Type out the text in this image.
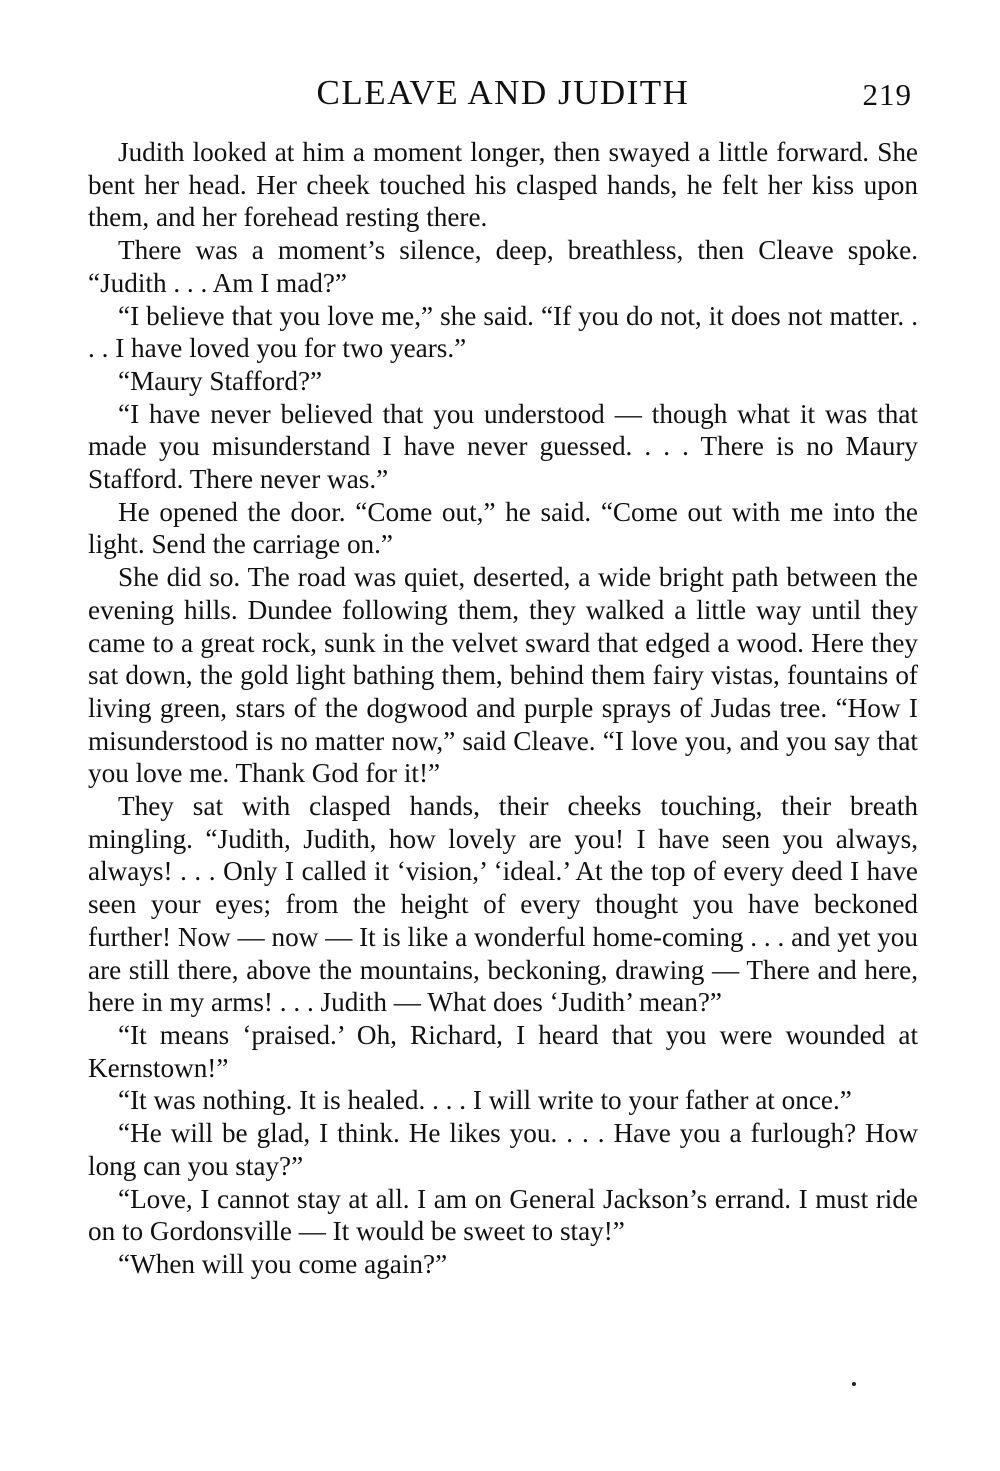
CLEAVE AND JUDITH	219

Judith looked at him a moment longer, then swayed a little forward. She bent her head. Her cheek touched his clasped hands, he felt her kiss upon them, and her forehead resting there.

There was a moment’s silence, deep, breathless, then Cleave spoke. “Judith . . . Am I mad?”

“I believe that you love me,” she said. “If you do not, it does not matter. . . . I have loved you for two years.”

“Maury Stafford?”

“I have never believed that you understood — though what it was that made you misunderstand I have never guessed. . . . There is no Maury Stafford. There never was.”

He opened the door. “Come out,” he said. “Come out with me into the light. Send the carriage on.”

She did so. The road was quiet, deserted, a wide bright path between the evening hills. Dundee following them, they walked a little way until they came to a great rock, sunk in the velvet sward that edged a wood. Here they sat down, the gold light bathing them, behind them fairy vistas, fountains of living green, stars of the dogwood and purple sprays of Judas tree. “How I misunderstood is no matter now,” said Cleave. “I love you, and you say that you love me. Thank God for it!”

They sat with clasped hands, their cheeks touching, their breath mingling. “Judith, Judith, how lovely are you! I have seen you always, always! . . . Only I called it ‘vision,’ ‘ideal.’ At the top of every deed I have seen your eyes; from the height of every thought you have beckoned further! Now — now — It is like a wonderful home-coming . . . and yet you are still there, above the mountains, beckoning, drawing — There and here, here in my arms! . . . Judith — What does ‘Judith’ mean?”

“It means ‘praised.’ Oh, Richard, I heard that you were wounded at Kernstown!”

“It was nothing. It is healed. . . . I will write to your father at once.”

“He will be glad, I think. He likes you. . . . Have you a furlough? How long can you stay?”

“Love, I cannot stay at all. I am on General Jackson’s errand. I must ride on to Gordonsville — It would be sweet to stay!”

“When will you come again?”
